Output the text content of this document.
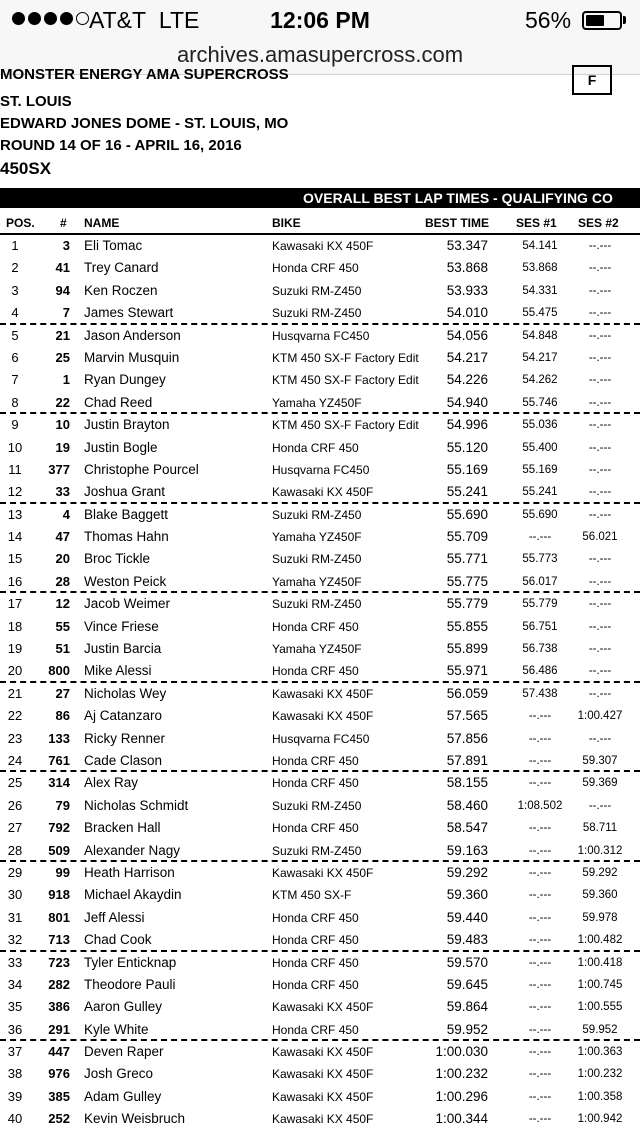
AT&T LTE	12:06 PM	56%
archives.amasupercross.com
MONSTER ENERGY AMA SUPERCROSS	F
ST. LOUIS
EDWARD JONES DOME - ST. LOUIS, MO
ROUND 14 OF 16 - APRIL 16, 2016
450SX
OVERALL BEST LAP TIMES - QUALIFYING CO
POS. # NAME	BIKE	BEST TIME SES #1 SES #2
1	3 Eli Tomac	Kawasaki KX 450F	53.347	54.141	--.---
2	41 Trey Canard	Honda CRF 450	53.868	53.868	--.---
3	94 Ken Roczen	Suzuki RM-Z450	53.933	54.331	--.---
4	7 James Stewart	Suzuki RM-Z450	54.010	55.475	--.---
5	21 Jason Anderson	Husqvarna FC450	54.056	54.848	--.---
6	25 Marvin Musquin	KTM 450 SX-F Factory Edit	54.217	54.217	--.---
7	1 Ryan Dungey	KTM 450 SX-F Factory Edit	54.226	54.262	--.---
8	22 Chad Reed	Yamaha YZ450F	54.940	55.746	--.---
9	10 Justin Brayton	KTM 450 SX-F Factory Edit	54.996	55.036	--.---
10	19 Justin Bogle	Honda CRF 450	55.120	55.400	--.---
11	377 Christophe Pourcel	Husqvarna FC450	55.169	55.169	--.---
12	33 Joshua Grant	Kawasaki KX 450F	55.241	55.241	--.---
13	4 Blake Baggett	Suzuki RM-Z450	55.690	55.690	--.---
14	47 Thomas Hahn	Yamaha YZ450F	55.709	--.---	56.021
15	20 Broc Tickle	Suzuki RM-Z450	55.771	55.773	--.---
16	28 Weston Peick	Yamaha YZ450F	55.775	56.017	--.---
17	12 Jacob Weimer	Suzuki RM-Z450	55.779	55.779	--.---
18	55 Vince Friese	Honda CRF 450	55.855	56.751	--.---
19	51 Justin Barcia	Yamaha YZ450F	55.899	56.738	--.---
20	800 Mike Alessi	Honda CRF 450	55.971	56.486	--.---
21	27 Nicholas Wey	Kawasaki KX 450F	56.059	57.438	--.---
22	86 Aj Catanzaro	Kawasaki KX 450F	57.565	--.---	1:00.427
23	133 Ricky Renner	Husqvarna FC450	57.856	--.---	--.---
24	761 Cade Clason	Honda CRF 450	57.891	--.---	59.307
25	314 Alex Ray	Honda CRF 450	58.155	--.---	59.369
26	79 Nicholas Schmidt	Suzuki RM-Z450	58.460	1:08.502	--.---
27	792 Bracken Hall	Honda CRF 450	58.547	--.---	58.711
28	509 Alexander Nagy	Suzuki RM-Z450	59.163	--.---	1:00.312
29	99 Heath Harrison	Kawasaki KX 450F	59.292	--.---	59.292
30	918 Michael Akaydin	KTM 450 SX-F	59.360	--.---	59.360
31	801 Jeff Alessi	Honda CRF 450	59.440	--.---	59.978
32	713 Chad Cook	Honda CRF 450	59.483	--.---	1:00.482
33	723 Tyler Enticknap	Honda CRF 450	59.570	--.---	1:00.418
34	282 Theodore Pauli	Honda CRF 450	59.645	--.---	1:00.745
35	386 Aaron Gulley	Kawasaki KX 450F	59.864	--.---	1:00.555
36	291 Kyle White	Honda CRF 450	59.952	--.---	59.952
37	447 Deven Raper	Kawasaki KX 450F	1:00.030	--.---	1:00.363
38	976 Josh Greco	Kawasaki KX 450F	1:00.232	--.---	1:00.232
39	385 Adam Gulley	Kawasaki KX 450F	1:00.296	--.---	1:00.358
40	252 Kevin Weisbruch	Kawasaki KX 450F	1:00.344	--.---	1:00.942
